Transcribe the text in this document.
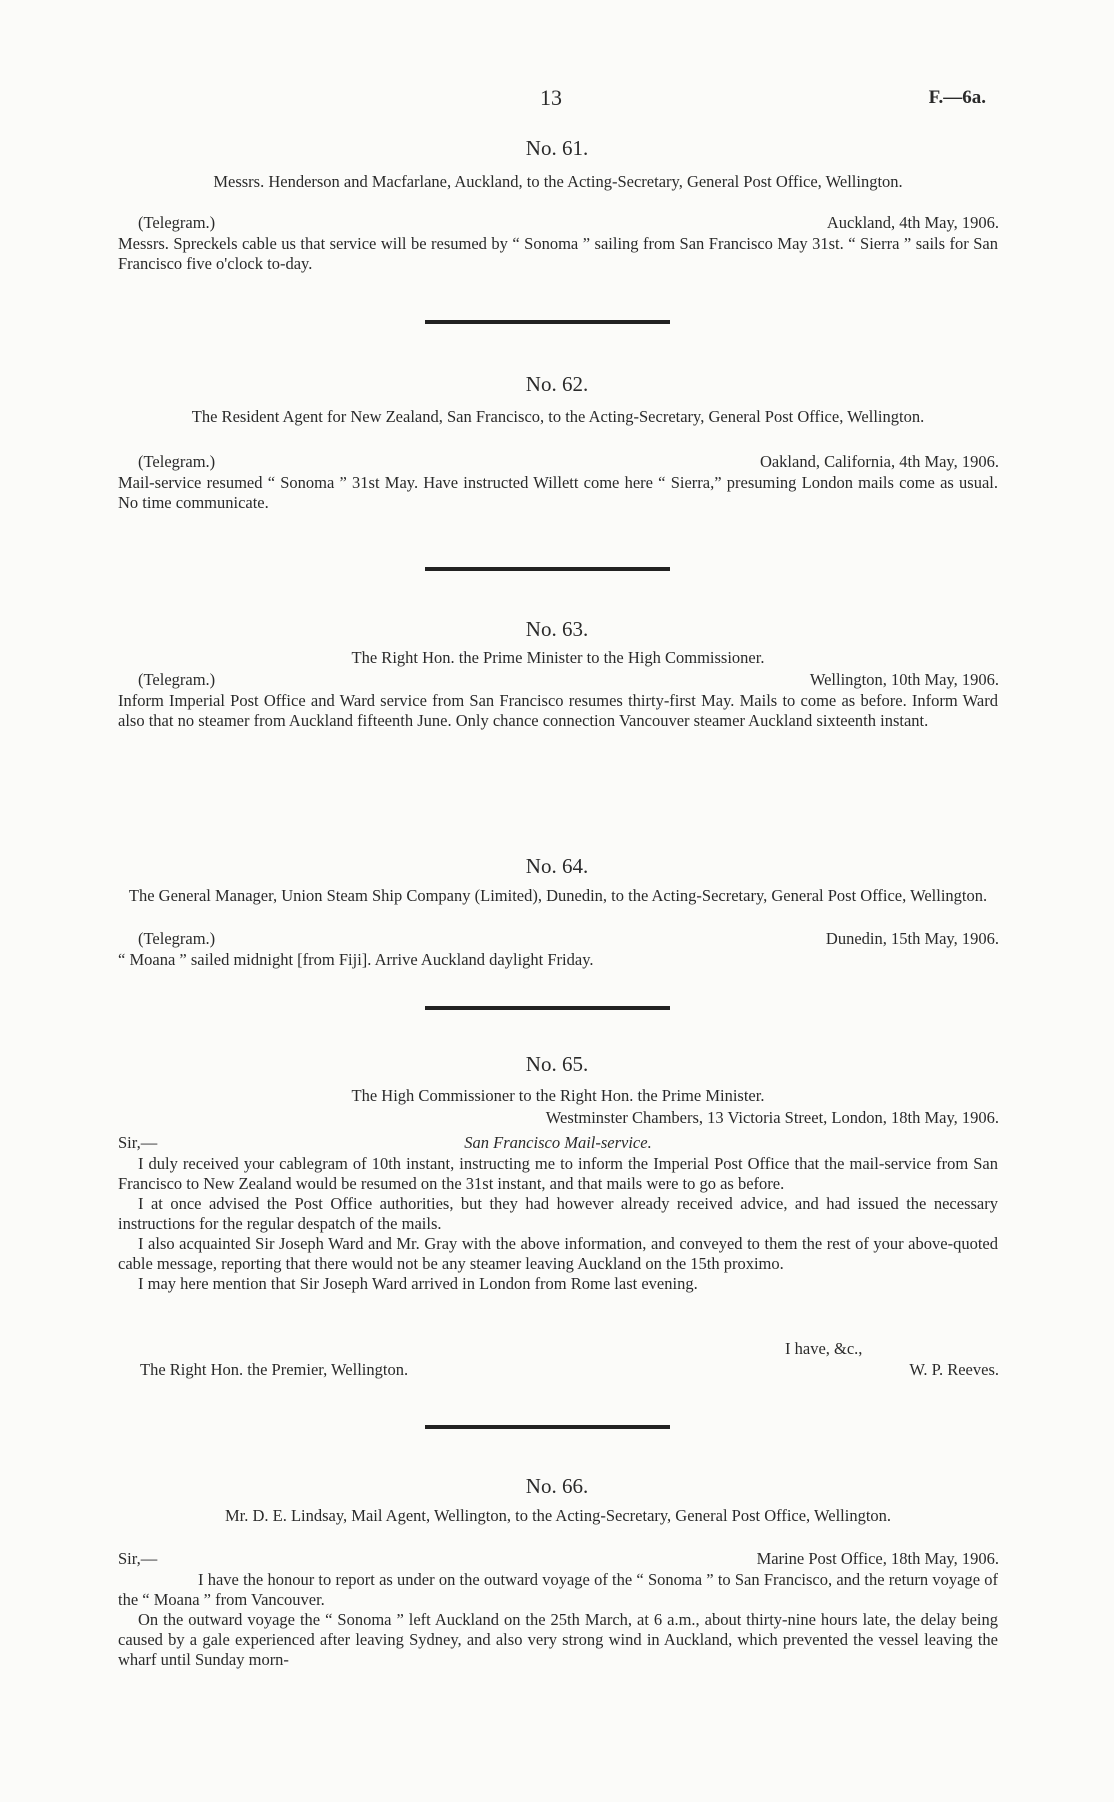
13	F.—6a.
No. 61.
Messrs. Henderson and Macfarlane, Auckland, to the Acting-Secretary, General Post Office, Wellington.
(Telegram.)	Auckland, 4th May, 1906.
Messrs. Spreckels cable us that service will be resumed by “ Sonoma ” sailing from San Francisco May 31st. “ Sierra ” sails for San Francisco five o'clock to-day.
No. 62.
The Resident Agent for New Zealand, San Francisco, to the Acting-Secretary, General Post Office, Wellington.
(Telegram.)	Oakland, California, 4th May, 1906.
Mail-service resumed “ Sonoma ” 31st May. Have instructed Willett come here “ Sierra,” presuming London mails come as usual. No time communicate.
No. 63.
The Right Hon. the Prime Minister to the High Commissioner.
(Telegram.)	Wellington, 10th May, 1906.
Inform Imperial Post Office and Ward service from San Francisco resumes thirty-first May. Mails to come as before. Inform Ward also that no steamer from Auckland fifteenth June. Only chance connection Vancouver steamer Auckland sixteenth instant.
No. 64.
The General Manager, Union Steam Ship Company (Limited), Dunedin, to the Acting-Secretary, General Post Office, Wellington.
(Telegram.)	Dunedin, 15th May, 1906.
“ Moana ” sailed midnight [from Fiji]. Arrive Auckland daylight Friday.
No. 65.
The High Commissioner to the Right Hon. the Prime Minister.
Westminster Chambers, 13 Victoria Street, London, 18th May, 1906.
Sir,—	San Francisco Mail-service.

I duly received your cablegram of 10th instant, instructing me to inform the Imperial Post Office that the mail-service from San Francisco to New Zealand would be resumed on the 31st instant, and that mails were to go as before.

I at once advised the Post Office authorities, but they had however already received advice, and had issued the necessary instructions for the regular despatch of the mails.

I also acquainted Sir Joseph Ward and Mr. Gray with the above information, and conveyed to them the rest of your above-quoted cable message, reporting that there would not be any steamer leaving Auckland on the 15th proximo.

I may here mention that Sir Joseph Ward arrived in London from Rome last evening.

I have, &c.,
The Right Hon. the Premier, Wellington.	W. P. Reeves.
No. 66.
Mr. D. E. Lindsay, Mail Agent, Wellington, to the Acting-Secretary, General Post Office, Wellington.
Sir,—	Marine Post Office, 18th May, 1906.

I have the honour to report as under on the outward voyage of the “ Sonoma ” to San Francisco, and the return voyage of the “ Moana ” from Vancouver.

On the outward voyage the “ Sonoma ” left Auckland on the 25th March, at 6 a.m., about thirty-nine hours late, the delay being caused by a gale experienced after leaving Sydney, and also very strong wind in Auckland, which prevented the vessel leaving the wharf until Sunday morn-
